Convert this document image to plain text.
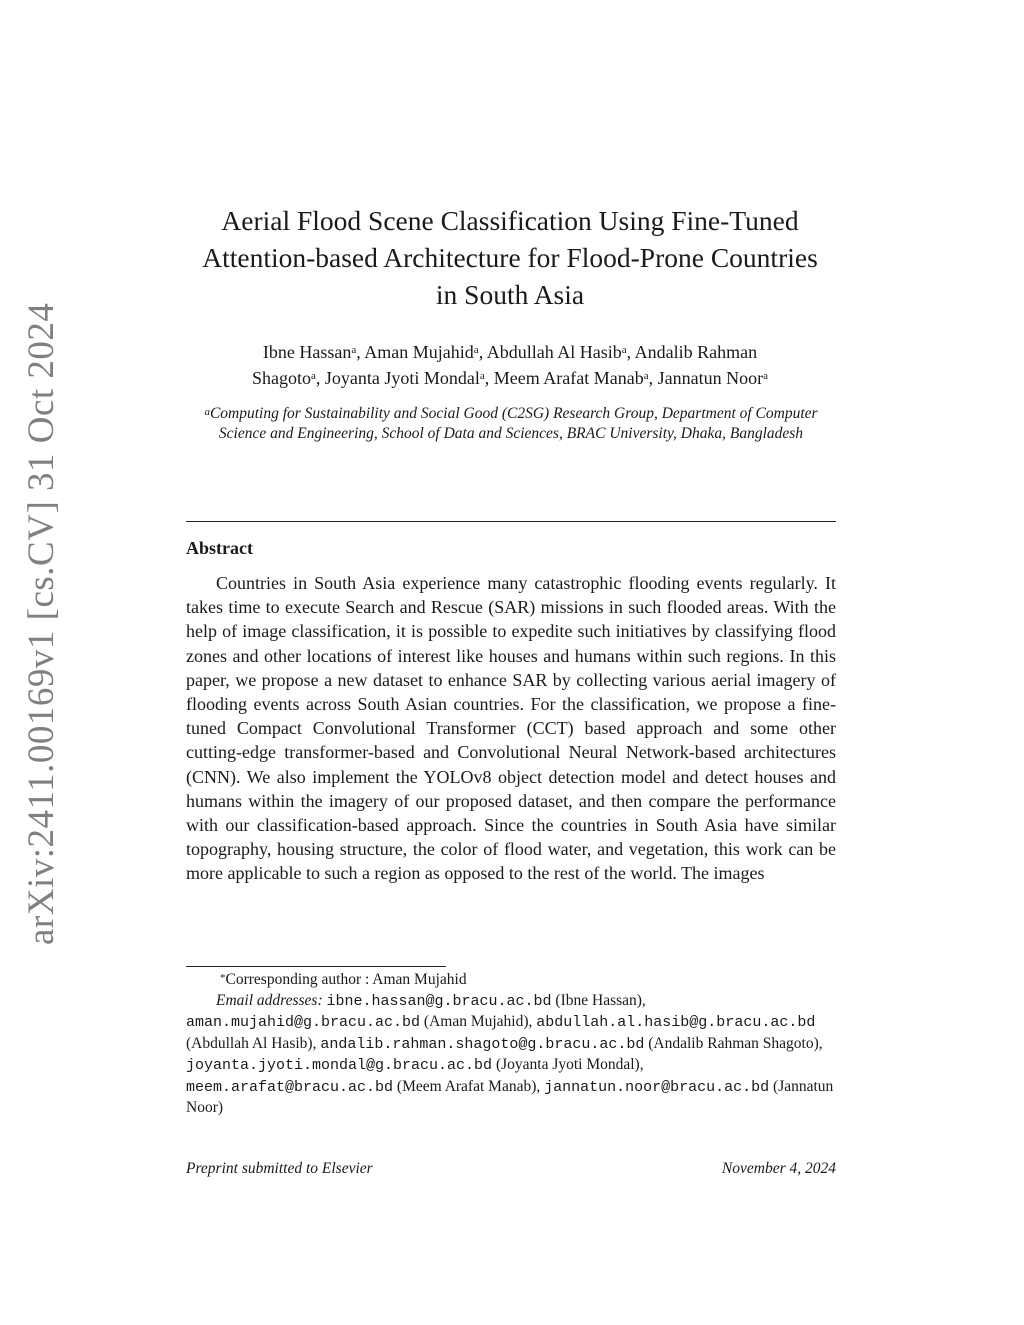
arXiv:2411.00169v1 [cs.CV] 31 Oct 2024
Aerial Flood Scene Classification Using Fine-Tuned
Attention-based Architecture for Flood-Prone Countries
in South Asia
Ibne Hassan$^a$, Aman Mujahid$^a$, Abdullah Al Hasib$^a$, Andalib Rahman
Shagoto$^a$, Joyanta Jyoti Mondal$^a$, Meem Arafat Manab$^a$, Jannatun Noor$^a$
$^a$Computing for Sustainability and Social Good (C2SG) Research Group, Department of Computer Science and Engineering, School of Data and Sciences, BRAC University, Dhaka, Bangladesh
Abstract

Countries in South Asia experience many catastrophic flooding events regularly. It takes time to execute Search and Rescue (SAR) missions in such flooded areas. With the help of image classification, it is possible to expedite such initiatives by classifying flood zones and other locations of interest like houses and humans within such regions. In this paper, we propose a new dataset to enhance SAR by collecting various aerial imagery of flooding events across South Asian countries. For the classification, we propose a fine-tuned Compact Convolutional Transformer (CCT) based approach and some other cutting-edge transformer-based and Convolutional Neural Network-based architectures (CNN). We also implement the YOLOv8 object detection model and detect houses and humans within the imagery of our proposed dataset, and then compare the performance with our classification-based approach. Since the countries in South Asia have similar topography, housing structure, the color of flood water, and vegetation, this work can be more applicable to such a region as opposed to the rest of the world. The images

*Corresponding author : Aman Mujahid
Email addresses: ibne.hassan@g.bracu.ac.bd (Ibne Hassan), aman.mujahid@g.bracu.ac.bd (Aman Mujahid), abdullah.al.hasib@g.bracu.ac.bd (Abdullah Al Hasib), andalib.rahman.shagoto@g.bracu.ac.bd (Andalib Rahman Shagoto), joyanta.jyoti.mondal@g.bracu.ac.bd (Joyanta Jyoti Mondal), meem.arafat@bracu.ac.bd (Meem Arafat Manab), jannatun.noor@bracu.ac.bd (Jannatun Noor)
Preprint submitted to Elsevier	November 4, 2024
